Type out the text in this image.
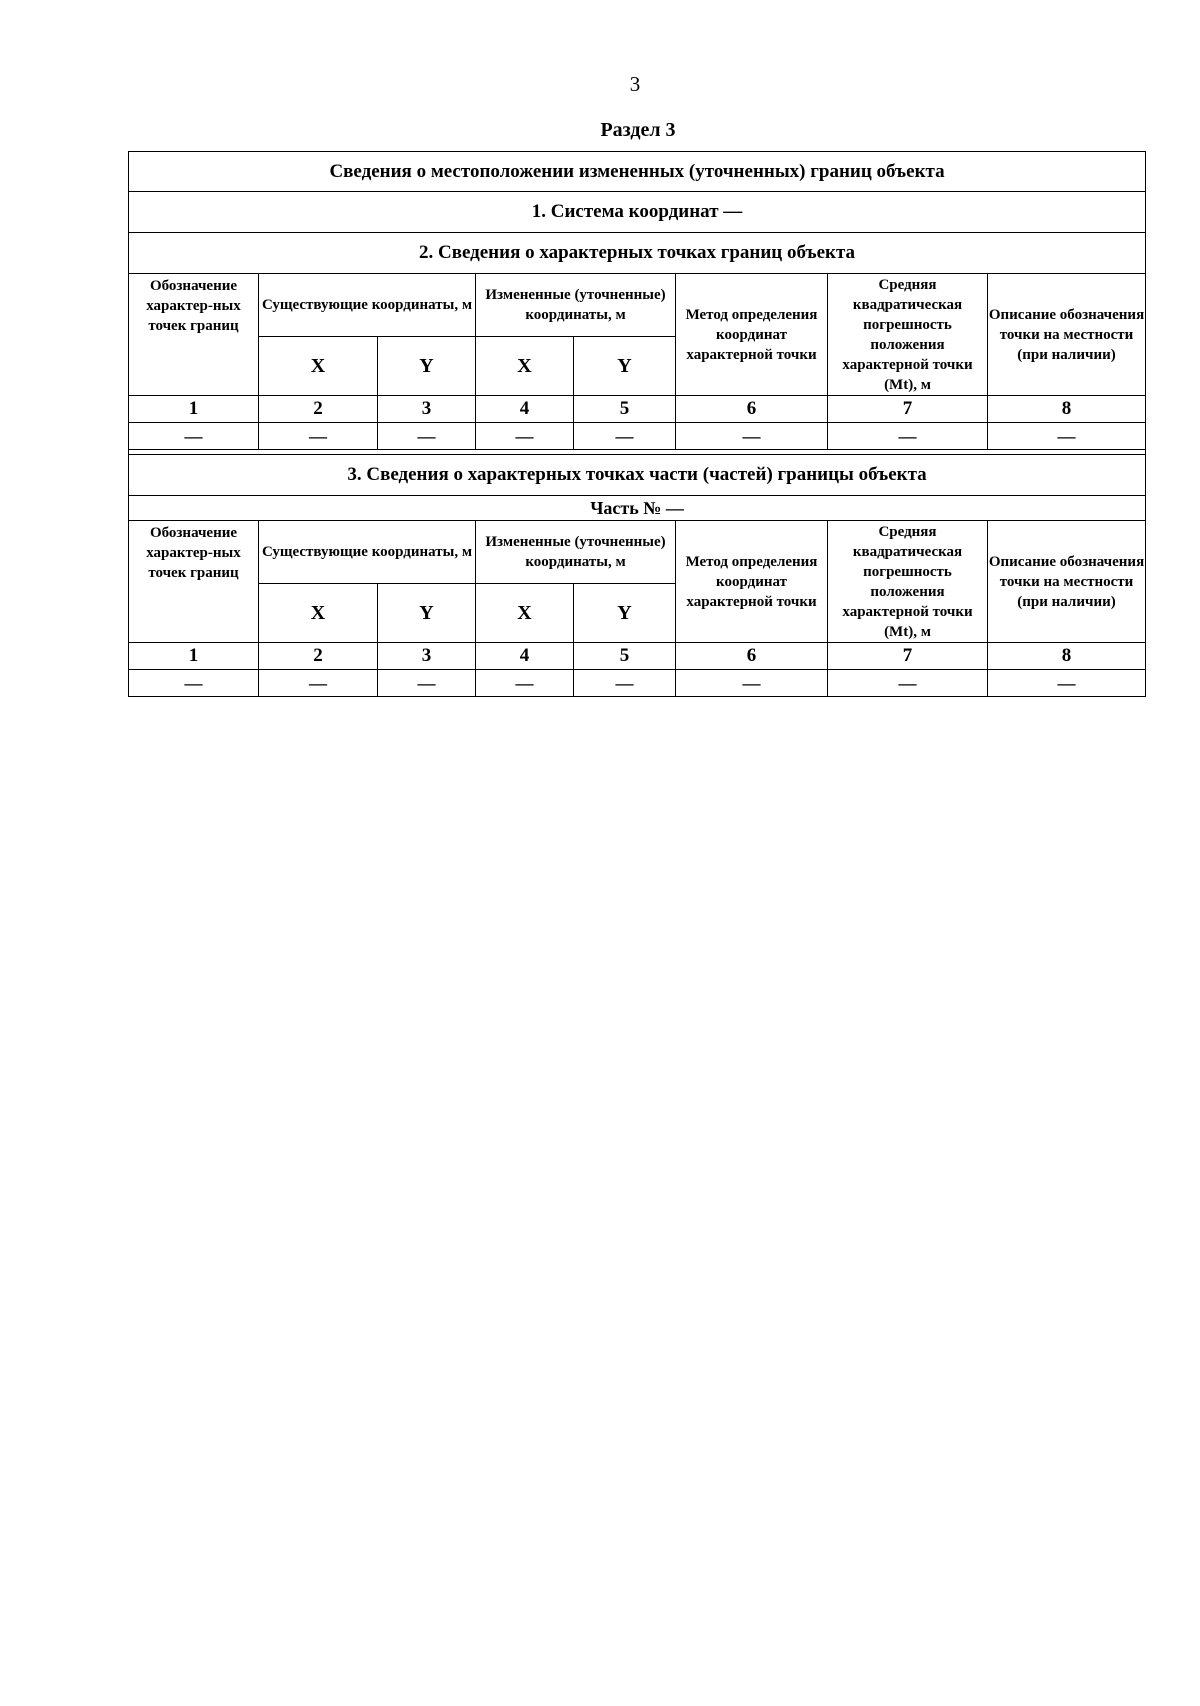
3
Раздел 3
Сведения о местоположении измененных (уточненных) границ объекта							
1. Система координат —							
2. Сведения о характерных точках границ объекта							
Обозначение характер-ных точек границ	Существующие координаты, м		Измененные (уточненные) координаты, м		Метод определения координат характерной точки	Средняя квадратическая погрешность положения характерной точки (Mt), м	Описание обозначения точки на местности (при наличии)
	X	Y	X	Y			
1	2	3	4	5	6	7	8
—	—	—	—	—	—	—	—

3. Сведения о характерных точках части (частей) границы объекта							
Часть № —							
Обозначение характер-ных точек границ	Существующие координаты, м		Измененные (уточненные) координаты, м		Метод определения координат характерной точки	Средняя квадратическая погрешность положения характерной точки (Mt), м	Описание обозначения точки на местности (при наличии)
	X	Y	X	Y			
1	2	3	4	5	6	7	8
—	—	—	—	—	—	—	—
